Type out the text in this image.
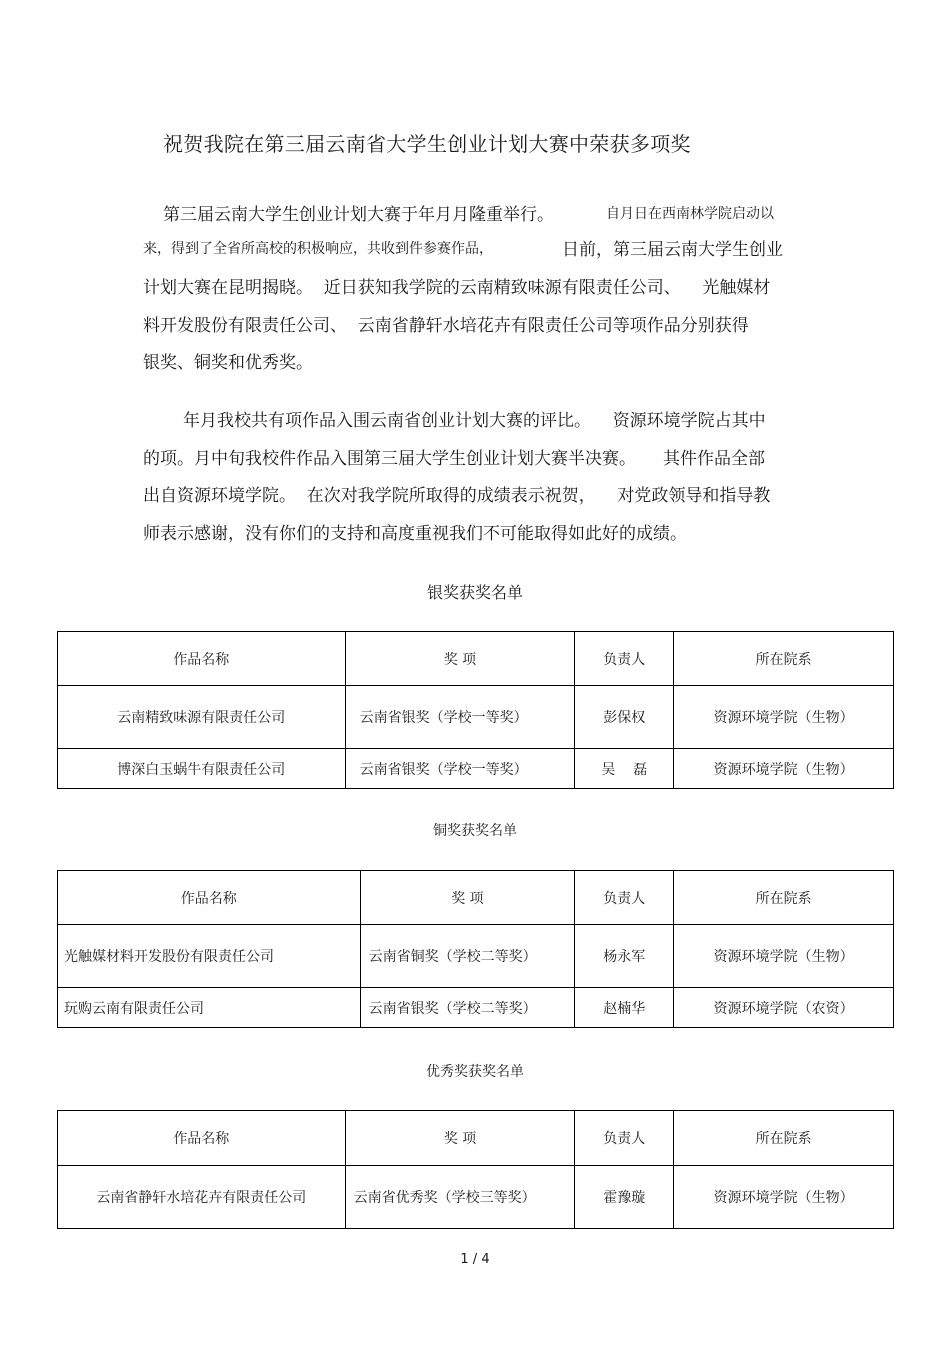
祝贺我院在第三届云南省大学生创业计划大赛中荣获多项奖
第三届云南大学生创业计划大赛于年月月隆重举行。	自月日在西南林学院启动以
来，得到了全省所高校的积极响应，共收到件参赛作品，	日前，第三届云南大学生创业
计划大赛在昆明揭晓。  近日获知我学院的云南精致味源有限责任公司、    光触媒材
料开发股份有限责任公司、  云南省静轩水培花卉有限责任公司等项作品分别获得
银奖、铜奖和优秀奖。
年月我校共有项作品入围云南省创业计划大赛的评比。    资源环境学院占其中
的项。月中旬我校件作品入围第三届大学生创业计划大赛半决赛。     其件作品全部
出自资源环境学院。  在次对我学院所取得的成绩表示祝贺，    对党政领导和指导教
师表示感谢，没有你们的支持和高度重视我们不可能取得如此好的成绩。
银奖获奖名单
作品名称	奖 项	负责人	所在院系
云南精致味源有限责任公司	云南省银奖（学校一等奖）	彭保权	资源环境学院（生物）
博深白玉蜗牛有限责任公司	云南省银奖（学校一等奖）	吴    磊	资源环境学院（生物）
铜奖获奖名单
作品名称	奖 项	负责人	所在院系
光触媒材料开发股份有限责任公司	云南省铜奖（学校二等奖）	杨永军	资源环境学院（生物）
玩购云南有限责任公司	云南省银奖（学校二等奖）	赵楠华	资源环境学院（农资）
优秀奖获奖名单
作品名称	奖 项	负责人	所在院系
云南省静轩水培花卉有限责任公司	云南省优秀奖（学校三等奖）	霍豫璇	资源环境学院（生物）
1 / 4
